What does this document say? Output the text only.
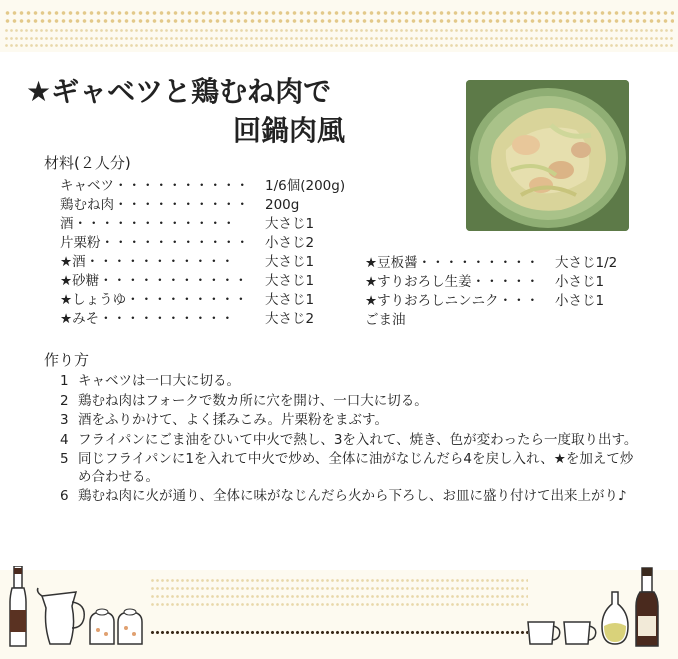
★ギャベツと鶏むね肉で
回鍋肉風
材料(２人分)
キャベツ・・・・・・・・・・ 1/6個(200g)
鶏むね肉・・・・・・・・・・ 200g
酒・・・・・・・・・・・・ 大さじ1
片栗粉・・・・・・・・・・・ 小さじ2
★酒・・・・・・・・・・・ 大さじ1
★砂糖・・・・・・・・・・・ 大さじ1
★しょうゆ・・・・・・・・・ 大さじ1
★みそ・・・・・・・・・・ 大さじ2
★豆板醤・・・・・・・・・ 大さじ1/2
★すりおろし生姜・・・・・ 小さじ1
★すりおろしニンニク・・・ 小さじ1
ごま油
作り方
1 キャベツは一口大に切る。
2 鶏むね肉はフォークで数カ所に穴を開け、一口大に切る。
3 酒をふりかけて、よく揉みこみ。片栗粉をまぶす。
4 フライパンにごま油をひいて中火で熱し、3を入れて、焼き、色が変わったら一度取り出す。
5 同じフライパンに1を入れて中火で炒め、全体に油がなじんだら4を戻し入れ、★を加えて炒め合わせる。
6 鶏むね肉に火が通り、全体に味がなじんだら火から下ろし、お皿に盛り付けて出来上がり♪
